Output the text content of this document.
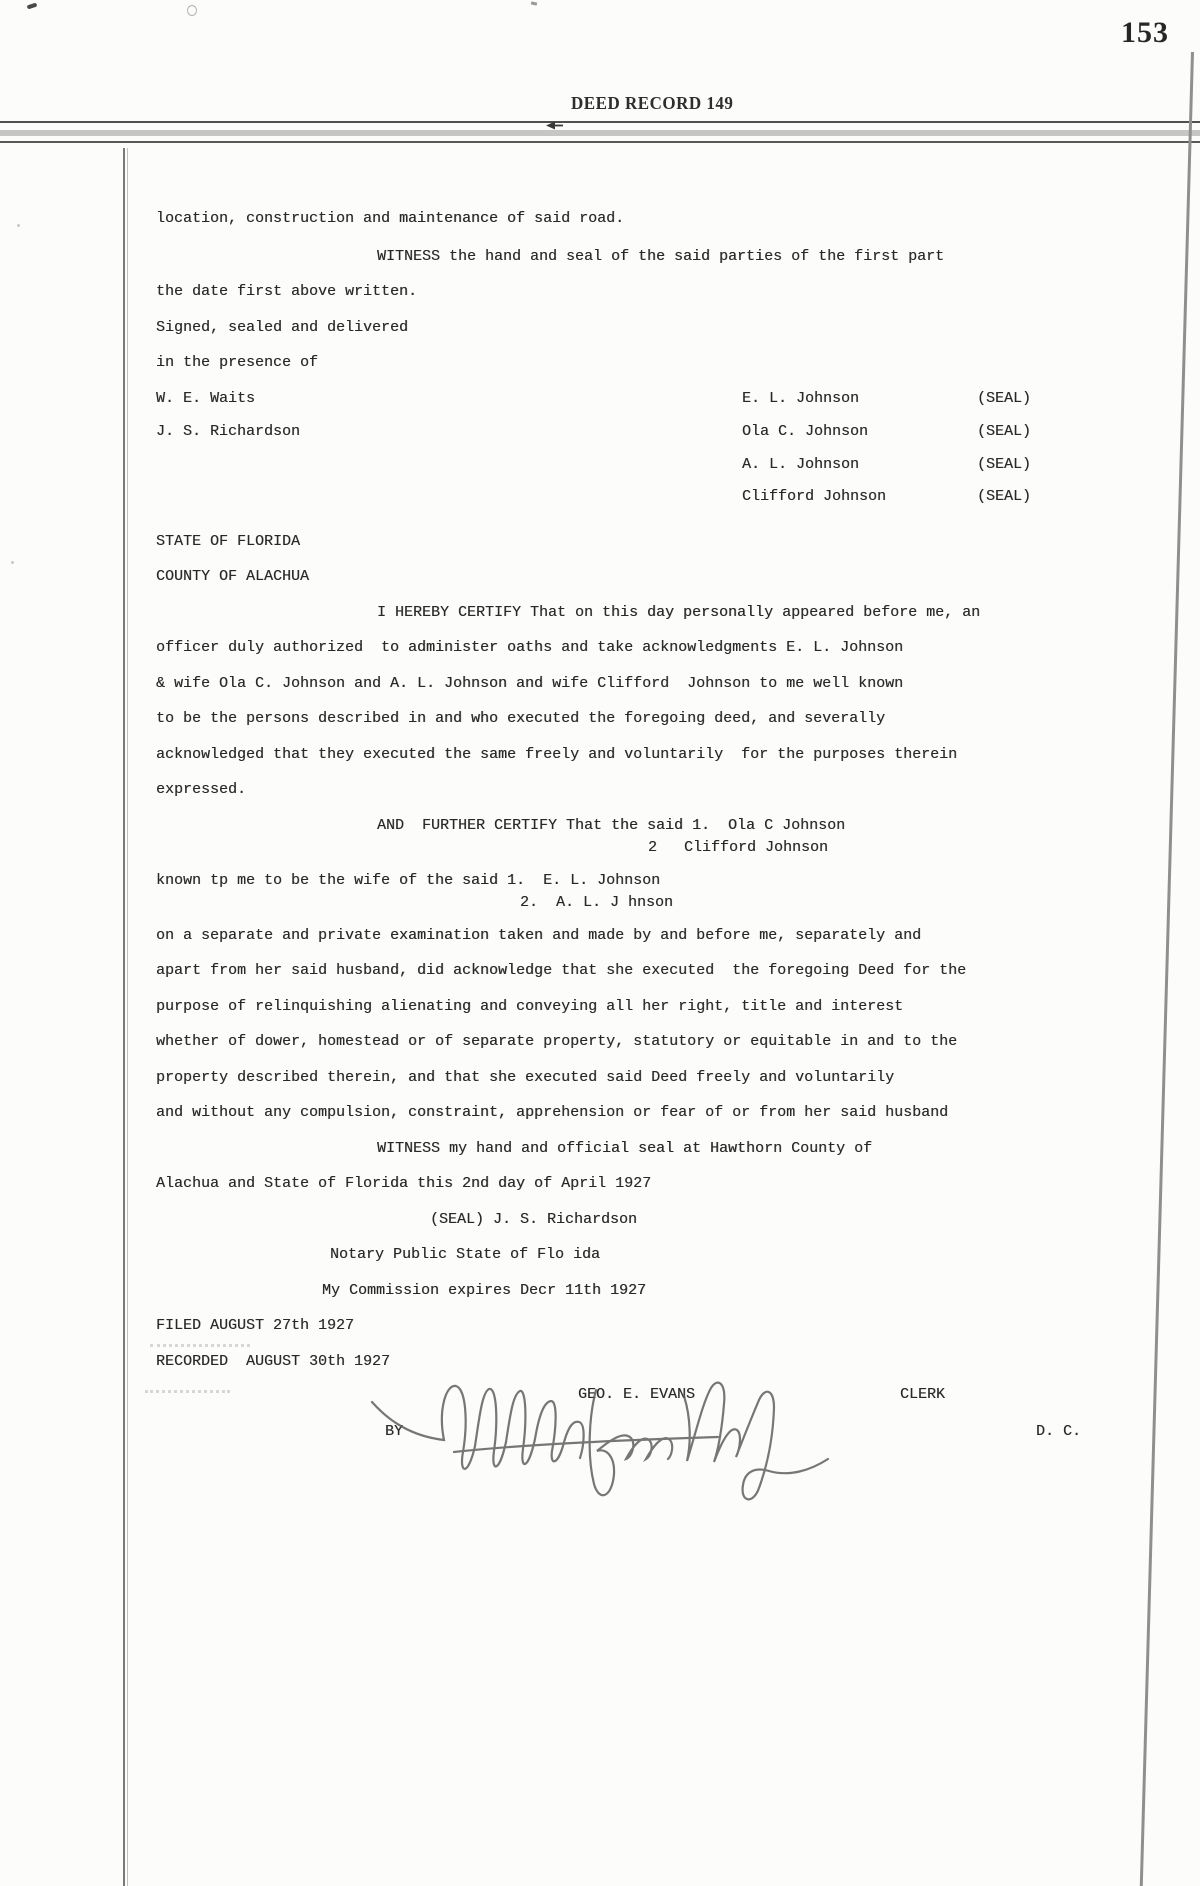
153
DEED RECORD 149
location, construction and maintenance of said road.
WITNESS the hand and seal of the said parties of the first part
the date first above written.
Signed, sealed and delivered
in the presence of
W. E. Waits
J. S. Richardson
STATE OF FLORIDA
COUNTY OF ALACHUA
I HEREBY CERTIFY That on this day personally appeared before me, an
officer duly authorized  to administer oaths and take acknowledgments E. L. Johnson
& wife Ola C. Johnson and A. L. Johnson and wife Clifford  Johnson to me well known
to be the persons described in and who executed the foregoing deed, and severally
acknowledged that they executed the same freely and voluntarily  for the purposes therein
expressed.
AND  FURTHER CERTIFY That the said 1.  Ola C Johnson
2   Clifford Johnson
known tp me to be the wife of the said 1.  E. L. Johnson
2.  A. L. J hnson
on a separate and private examination taken and made by and before me, separately and
apart from her said husband, did acknowledge that she executed  the foregoing Deed for the
purpose of relinquishing alienating and conveying all her right, title and interest
whether of dower, homestead or of separate property, statutory or equitable in and to the
property described therein, and that she executed said Deed freely and voluntarily
and without any compulsion, constraint, apprehension or fear of or from her said husband
WITNESS my hand and official seal at Hawthorn County of
Alachua and State of Florida this 2nd day of April 1927
(SEAL) J. S. Richardson
Notary Public State of Flo ida
My Commission expires Decr 11th 1927
FILED AUGUST 27th 1927
RECORDED  AUGUST 30th 1927
GEO. E. EVANS	CLERK
BY	D. C.
E. L. Johnson	(SEAL)
Ola C. Johnson	(SEAL)
A. L. Johnson	(SEAL)
Clifford Johnson	(SEAL)
